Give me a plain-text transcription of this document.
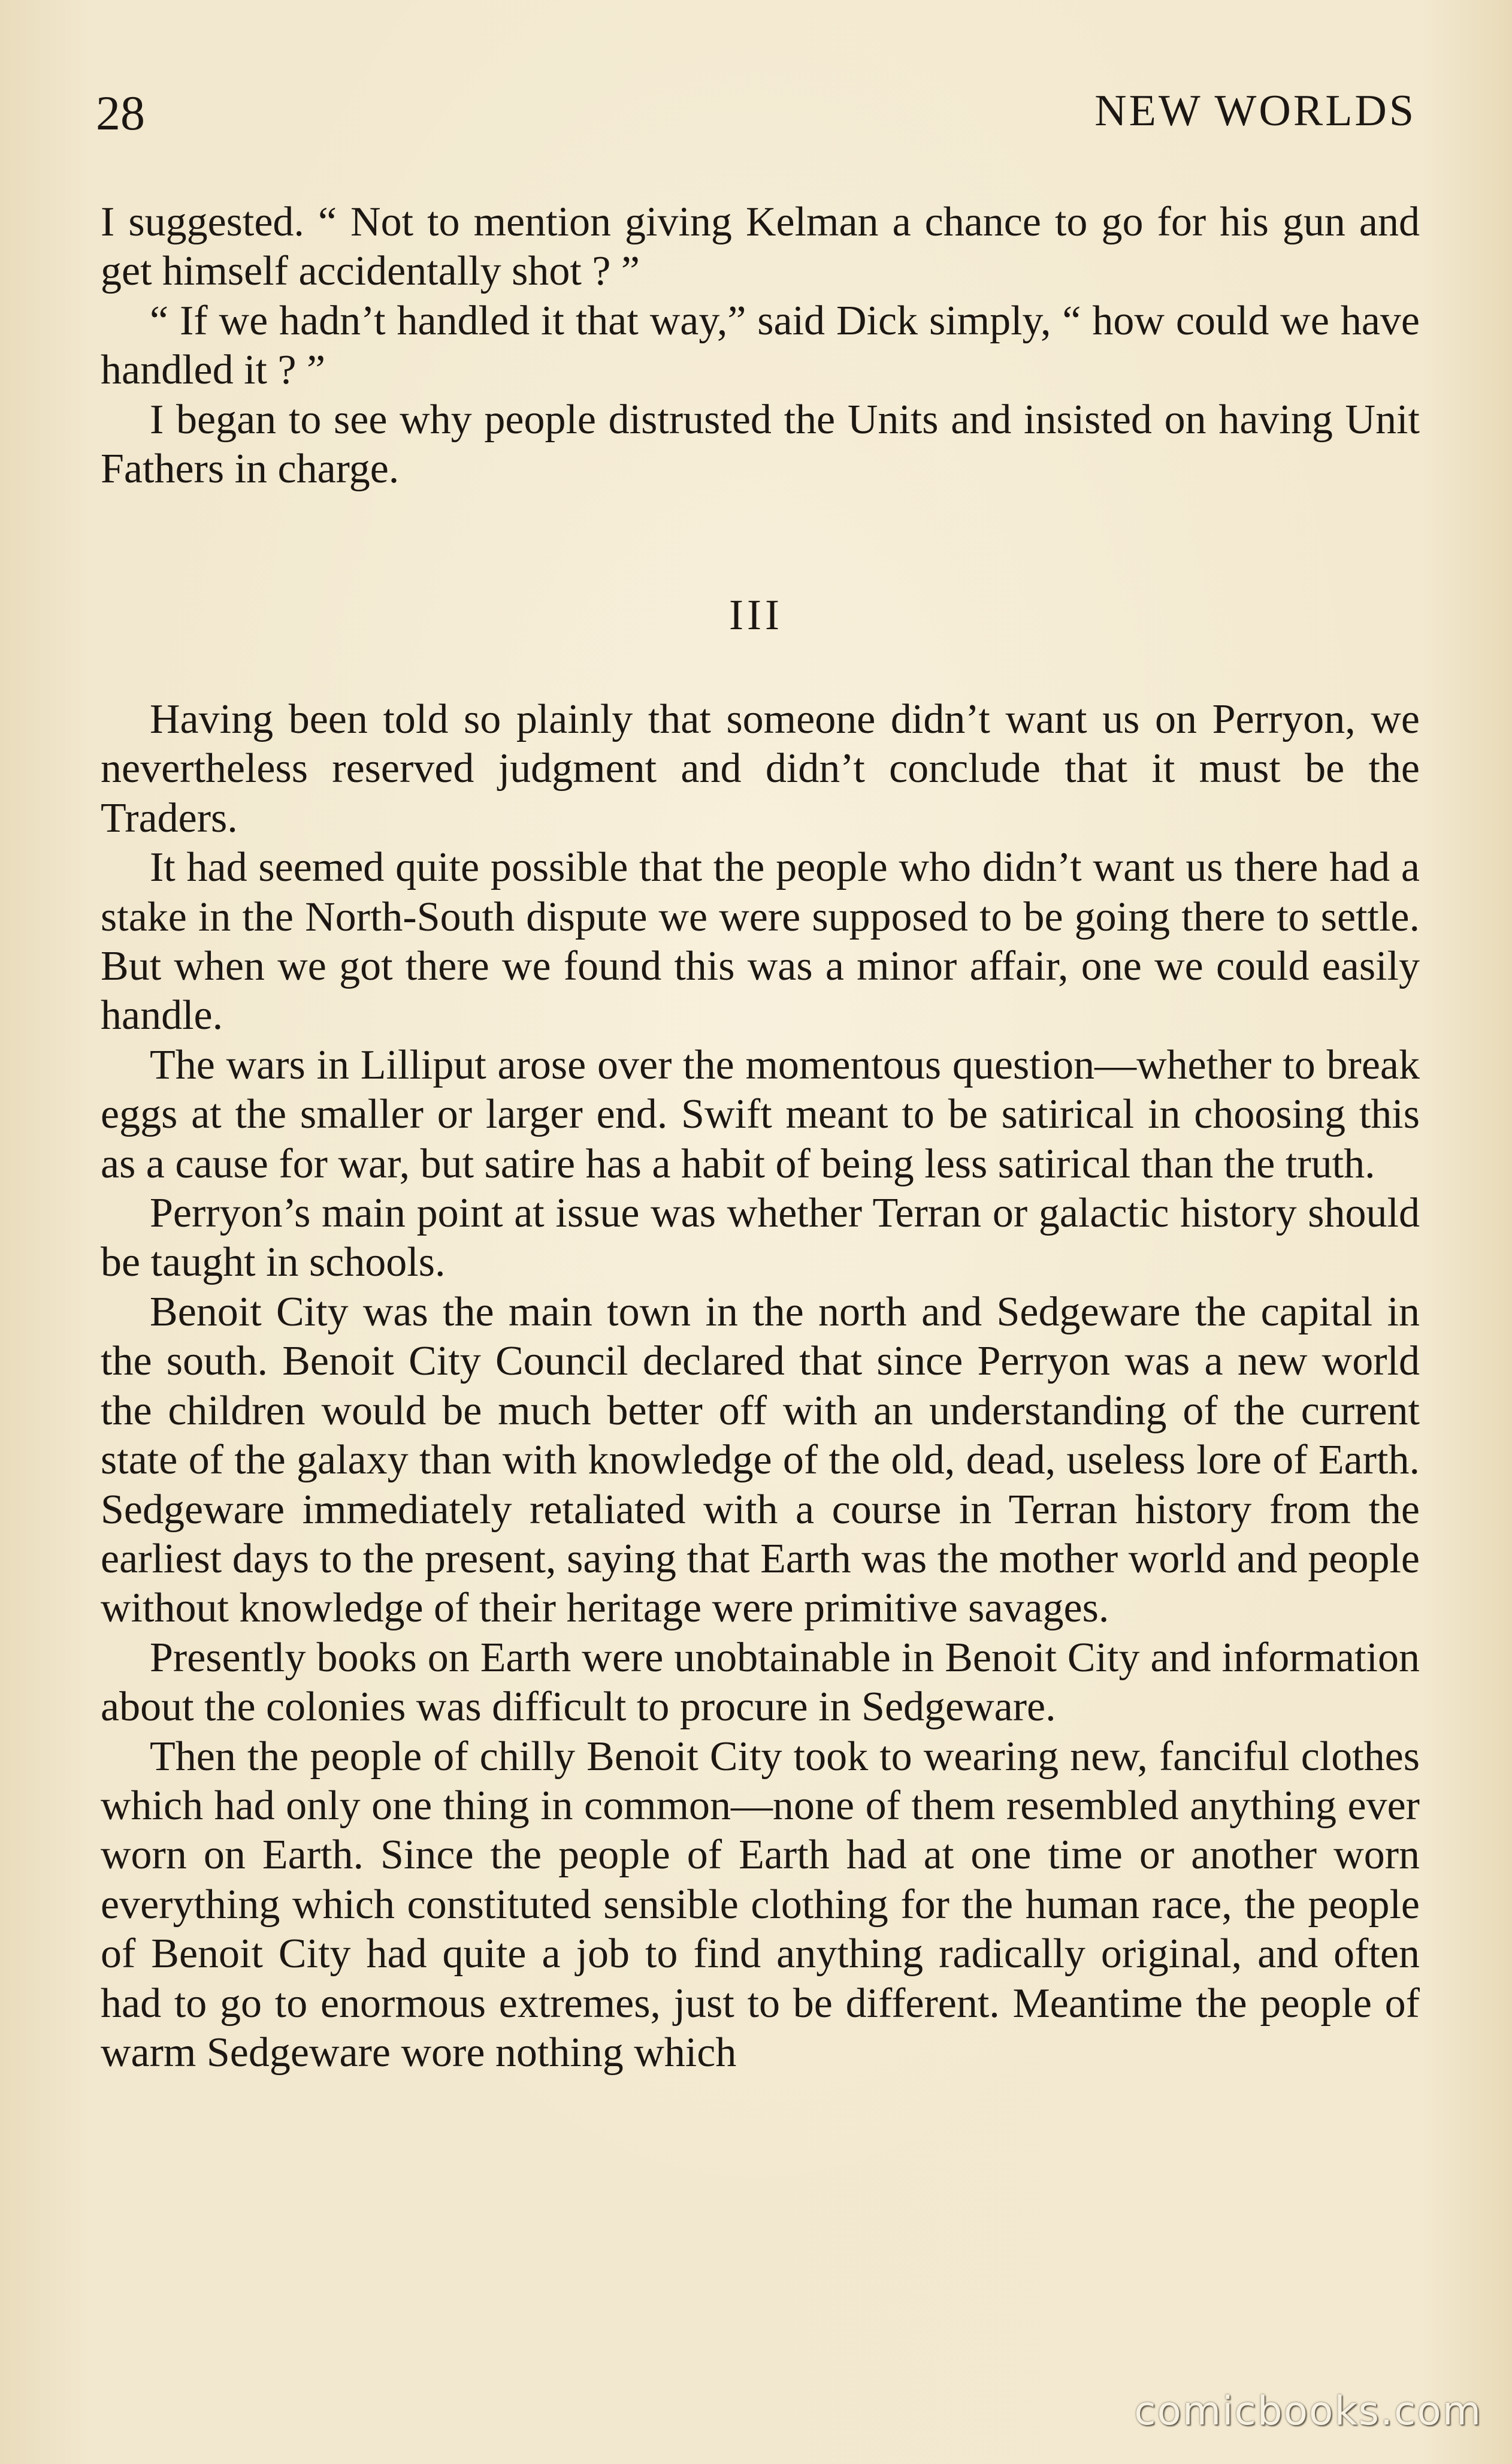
28	NEW WORLDS

I suggested. “ Not to mention giving Kelman a chance to go for his gun and get himself accidentally shot ? ”

“ If we hadn’t handled it that way,” said Dick simply, “ how could we have handled it ? ”

I began to see why people distrusted the Units and insisted on having Unit Fathers in charge.

III

Having been told so plainly that someone didn’t want us on Perryon, we nevertheless reserved judgment and didn’t conclude that it must be the Traders.

It had seemed quite possible that the people who didn’t want us there had a stake in the North-South dispute we were supposed to be going there to settle. But when we got there we found this was a minor affair, one we could easily handle.

The wars in Lilliput arose over the momentous question—whether to break eggs at the smaller or larger end. Swift meant to be satirical in choosing this as a cause for war, but satire has a habit of being less satirical than the truth.

Perryon’s main point at issue was whether Terran or galactic history should be taught in schools.

Benoit City was the main town in the north and Sedgeware the capital in the south. Benoit City Council declared that since Perryon was a new world the children would be much better off with an understanding of the current state of the galaxy than with knowledge of the old, dead, useless lore of Earth. Sedgeware immediately retaliated with a course in Terran history from the earliest days to the present, saying that Earth was the mother world and people without knowledge of their heritage were primitive savages.

Presently books on Earth were unobtainable in Benoit City and information about the colonies was difficult to procure in Sedgeware.

Then the people of chilly Benoit City took to wearing new, fanciful clothes which had only one thing in common—none of them resembled anything ever worn on Earth. Since the people of Earth had at one time or another worn everything which constituted sensible clothing for the human race, the people of Benoit City had quite a job to find anything radically original, and often had to go to enormous extremes, just to be different. Meantime the people of warm Sedgeware wore nothing which

comicbooks.com
